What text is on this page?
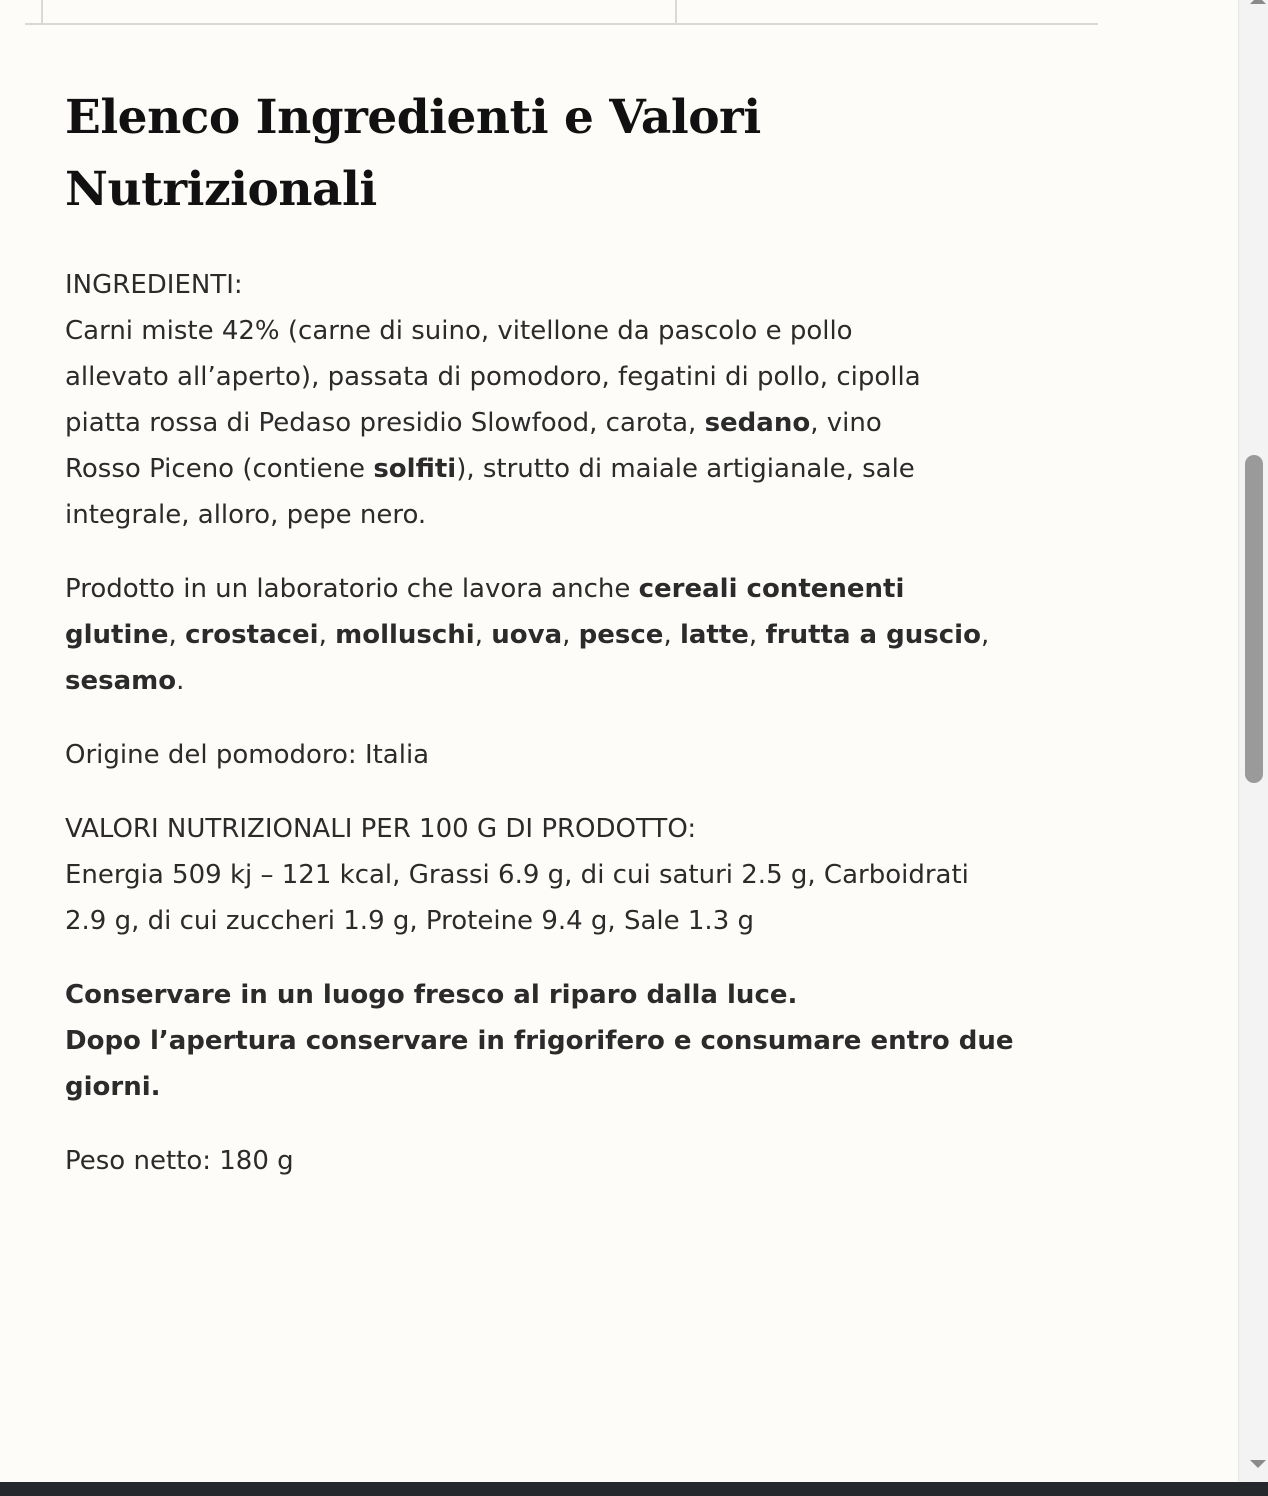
Elenco Ingredienti e Valori
Nutrizionali

INGREDIENTI:
Carni miste 42% (carne di suino, vitellone da pascolo e pollo
allevato all’aperto), passata di pomodoro, fegatini di pollo, cipolla
piatta rossa di Pedaso presidio Slowfood, carota, sedano, vino
Rosso Piceno (contiene solfiti), strutto di maiale artigianale, sale
integrale, alloro, pepe nero.

Prodotto in un laboratorio che lavora anche cereali contenenti
glutine, crostacei, molluschi, uova, pesce, latte, frutta a guscio,
sesamo.

Origine del pomodoro: Italia

VALORI NUTRIZIONALI PER 100 G DI PRODOTTO:
Energia 509 kj – 121 kcal, Grassi 6.9 g, di cui saturi 2.5 g, Carboidrati
2.9 g, di cui zuccheri 1.9 g, Proteine 9.4 g, Sale 1.3 g

Conservare in un luogo fresco al riparo dalla luce.
Dopo l’apertura conservare in frigorifero e consumare entro due
giorni.

Peso netto: 180 g
